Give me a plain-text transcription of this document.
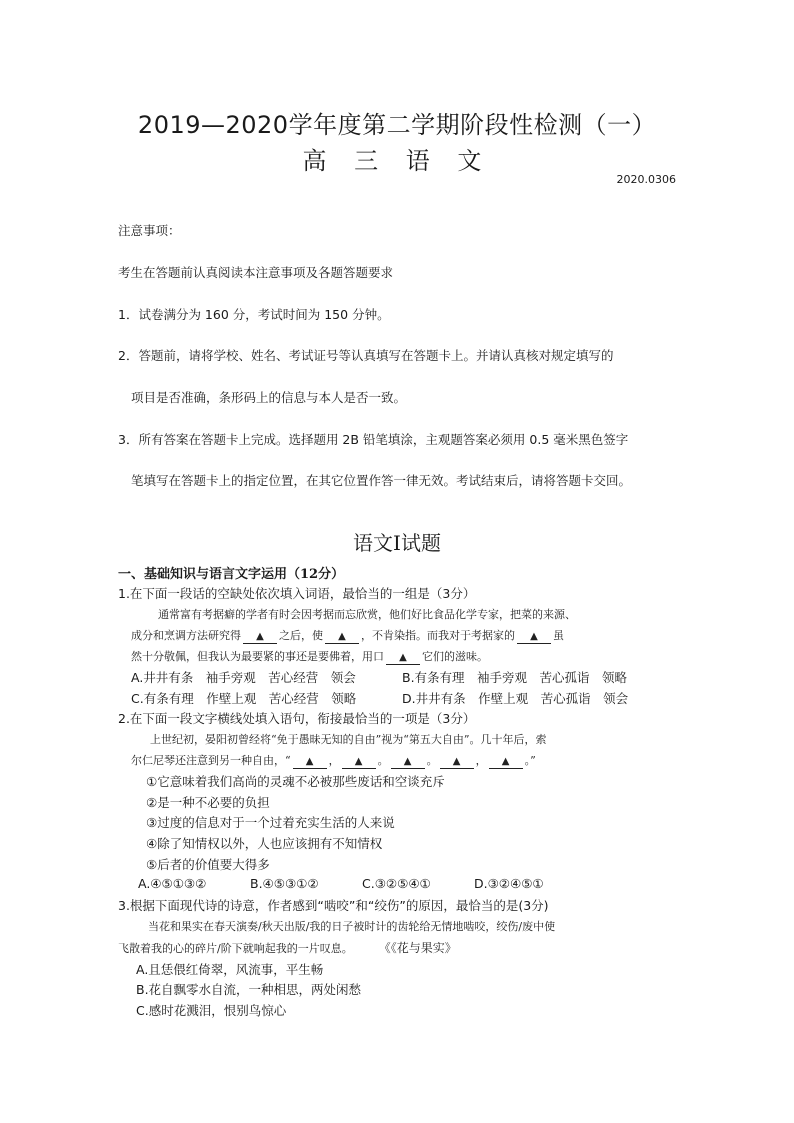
2019—2020学年度第二学期阶段性检测（一）
高 三 语 文
2020.0306
注意事项：
考生在答题前认真阅读本注意事项及各题答题要求
1．试卷满分为 160 分，考试时间为 150 分钟。
2．答题前，请将学校、姓名、考试证号等认真填写在答题卡上。并请认真核对规定填写的
项目是否准确，条形码上的信息与本人是否一致。
3．所有答案在答题卡上完成。选择题用 2B 铅笔填涂，主观题答案必须用 0.5 毫米黑色签字
笔填写在答题卡上的指定位置，在其它位置作答一律无效。考试结束后，请将答题卡交回。
语文Ⅰ试题
一、基础知识与语言文字运用（12分）
1.在下面一段话的空缺处依次填入词语，最恰当的一组是（3分）
通常富有考据癖的学者有时会因考据而忘欣赏，他们好比食品化学专家，把菜的来源、
成分和烹调方法研究得 ▲ 之后，使 ▲ ，不肯染指。而我对于考据家的 ▲ 虽
然十分敬佩，但我认为最要紧的事还是要佛着，用口 ▲ 它们的滋味。
A.井井有条　袖手旁观　苦心经营　领会	B.有条有理　袖手旁观　苦心孤诣　领略
C.有条有理　作壁上观　苦心经营　领略	D.井井有条　作壁上观　苦心孤诣　领会
2.在下面一段文字横线处填入语句，衔接最恰当的一项是（3分）
上世纪初，晏阳初曾经将“免于愚昧无知的自由”视为“第五大自由”。几十年后，索
尔仁尼琴还注意到另一种自由，“ ▲ ， ▲ 。 ▲ 。 ▲ ， ▲ 。”
①它意味着我们高尚的灵魂不必被那些废话和空谈充斥
②是一种不必要的负担
③过度的信息对于一个过着充实生活的人来说
④除了知情权以外，人也应该拥有不知情权
⑤后者的价值要大得多
A.④⑤①③②	B.④⑤③①②	C.③②⑤④①	D.③②④⑤①
3.根据下面现代诗的诗意，作者感到“啮咬”和“绞伤”的原因，最恰当的是(3分)
当花和果实在春天演奏/秋天出版/我的日子被时计的齿轮给无情地啮咬，绞伤/废中使
飞散着我的心的碎片/阶下就响起我的一片叹息。 《《花与果实》
A.且恁偎红倚翠，风流事，平生畅
B.花自飘零水自流，一种相思，两处闲愁
C.感时花溅泪，恨别鸟惊心
